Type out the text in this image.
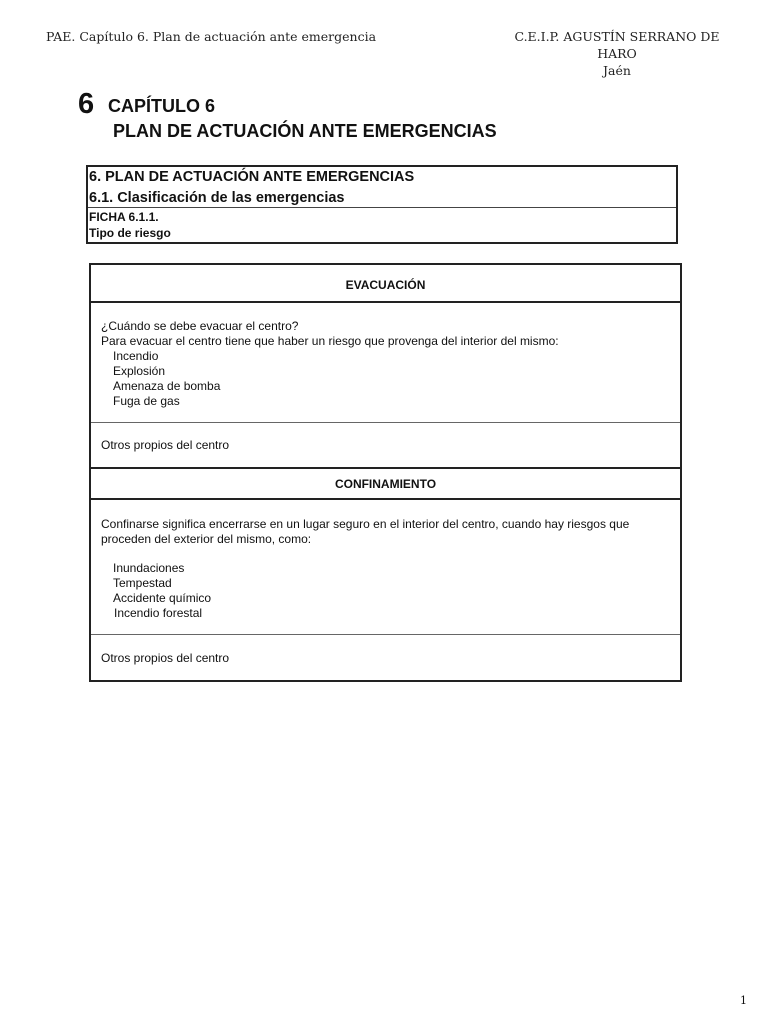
PAE. Capítulo 6. Plan de actuación ante emergencia	C.E.I.P. AGUSTÍN SERRANO DE HARO
Jaén
6 CAPÍTULO 6
PLAN DE ACTUACIÓN ANTE EMERGENCIAS
6. PLAN DE ACTUACIÓN ANTE EMERGENCIAS
6.1. Clasificación de las emergencias
FICHA 6.1.1.
Tipo de riesgo
EVACUACIÓN
¿Cuándo se debe evacuar el centro?
Para evacuar el centro tiene que haber un riesgo que provenga del interior del mismo:
Incendio
Explosión
Amenaza de bomba
Fuga de gas
Otros propios del centro
CONFINAMIENTO
Confinarse significa encerrarse en un lugar seguro en el interior del centro, cuando hay riesgos que
proceden del exterior del mismo, como:
Inundaciones
Tempestad
Accidente químico
Incendio forestal
Otros propios del centro
1
